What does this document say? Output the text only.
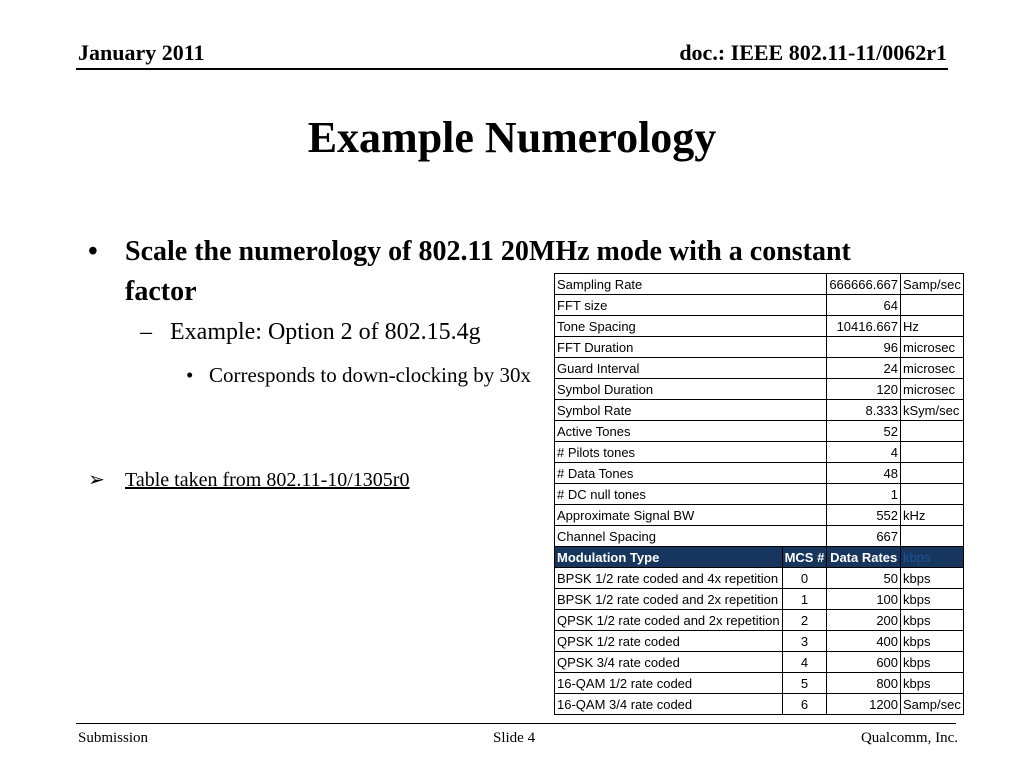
January 2011	doc.: IEEE 802.11-11/0062r1
Example Numerology
• Scale the numerology of 802.11 20MHz mode with a constant factor
– Example: Option 2 of 802.15.4g
• Corresponds to down-clocking by 30x
➢ Table taken from 802.11-10/1305r0
Sampling Rate		666666.667	Samp/sec
FFT size		64	
Tone Spacing		10416.667	Hz
FFT Duration		96	microsec
Guard Interval		24	microsec
Symbol Duration		120	microsec
Symbol Rate		8.333	kSym/sec
Active Tones		52	
# Pilots tones		4	
# Data Tones		48	
# DC null tones		1	
Approximate Signal BW		552	kHz
Channel Spacing		667	
Modulation Type	MCS #	Data Rates	kbps
BPSK 1/2 rate coded and 4x repetition	0	50	kbps
BPSK 1/2 rate coded and 2x repetition	1	100	kbps
QPSK 1/2 rate coded and 2x repetition	2	200	kbps
QPSK 1/2 rate coded	3	400	kbps
QPSK 3/4 rate coded	4	600	kbps
16-QAM 1/2 rate coded	5	800	kbps
16-QAM 3/4 rate coded	6	1200	Samp/sec
Submission	Slide 4	Qualcomm, Inc.
